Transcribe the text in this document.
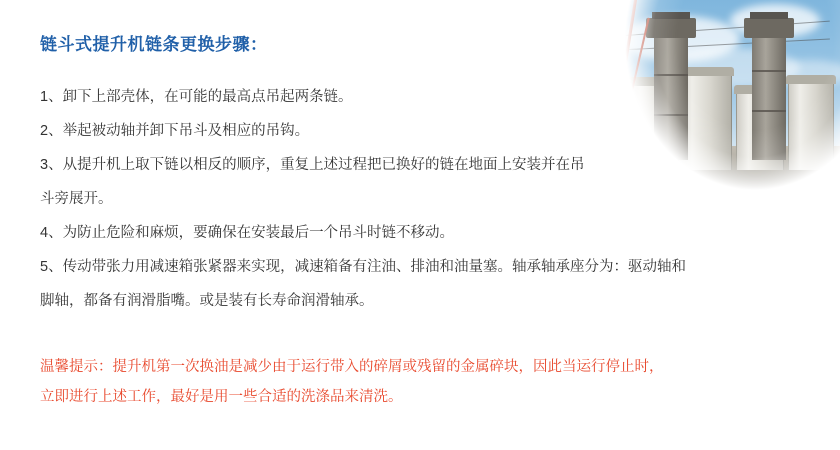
链斗式提升机链条更换步骤：
1、卸下上部壳体，在可能的最高点吊起两条链。
2、举起被动轴并卸下吊斗及相应的吊钩。
3、从提升机上取下链以相反的顺序，重复上述过程把已换好的链在地面上安装并在吊
斗旁展开。
4、为防止危险和麻烦，要确保在安装最后一个吊斗时链不移动。
5、传动带张力用减速箱张紧器来实现，减速箱备有注油、排油和油量塞。轴承轴承座分为：驱动轴和
脚轴，都备有润滑脂嘴。或是装有长寿命润滑轴承。
温馨提示：提升机第一次换油是减少由于运行带入的碎屑或残留的金属碎块，因此当运行停止时，
立即进行上述工作，最好是用一些合适的洗涤品来清洗。
